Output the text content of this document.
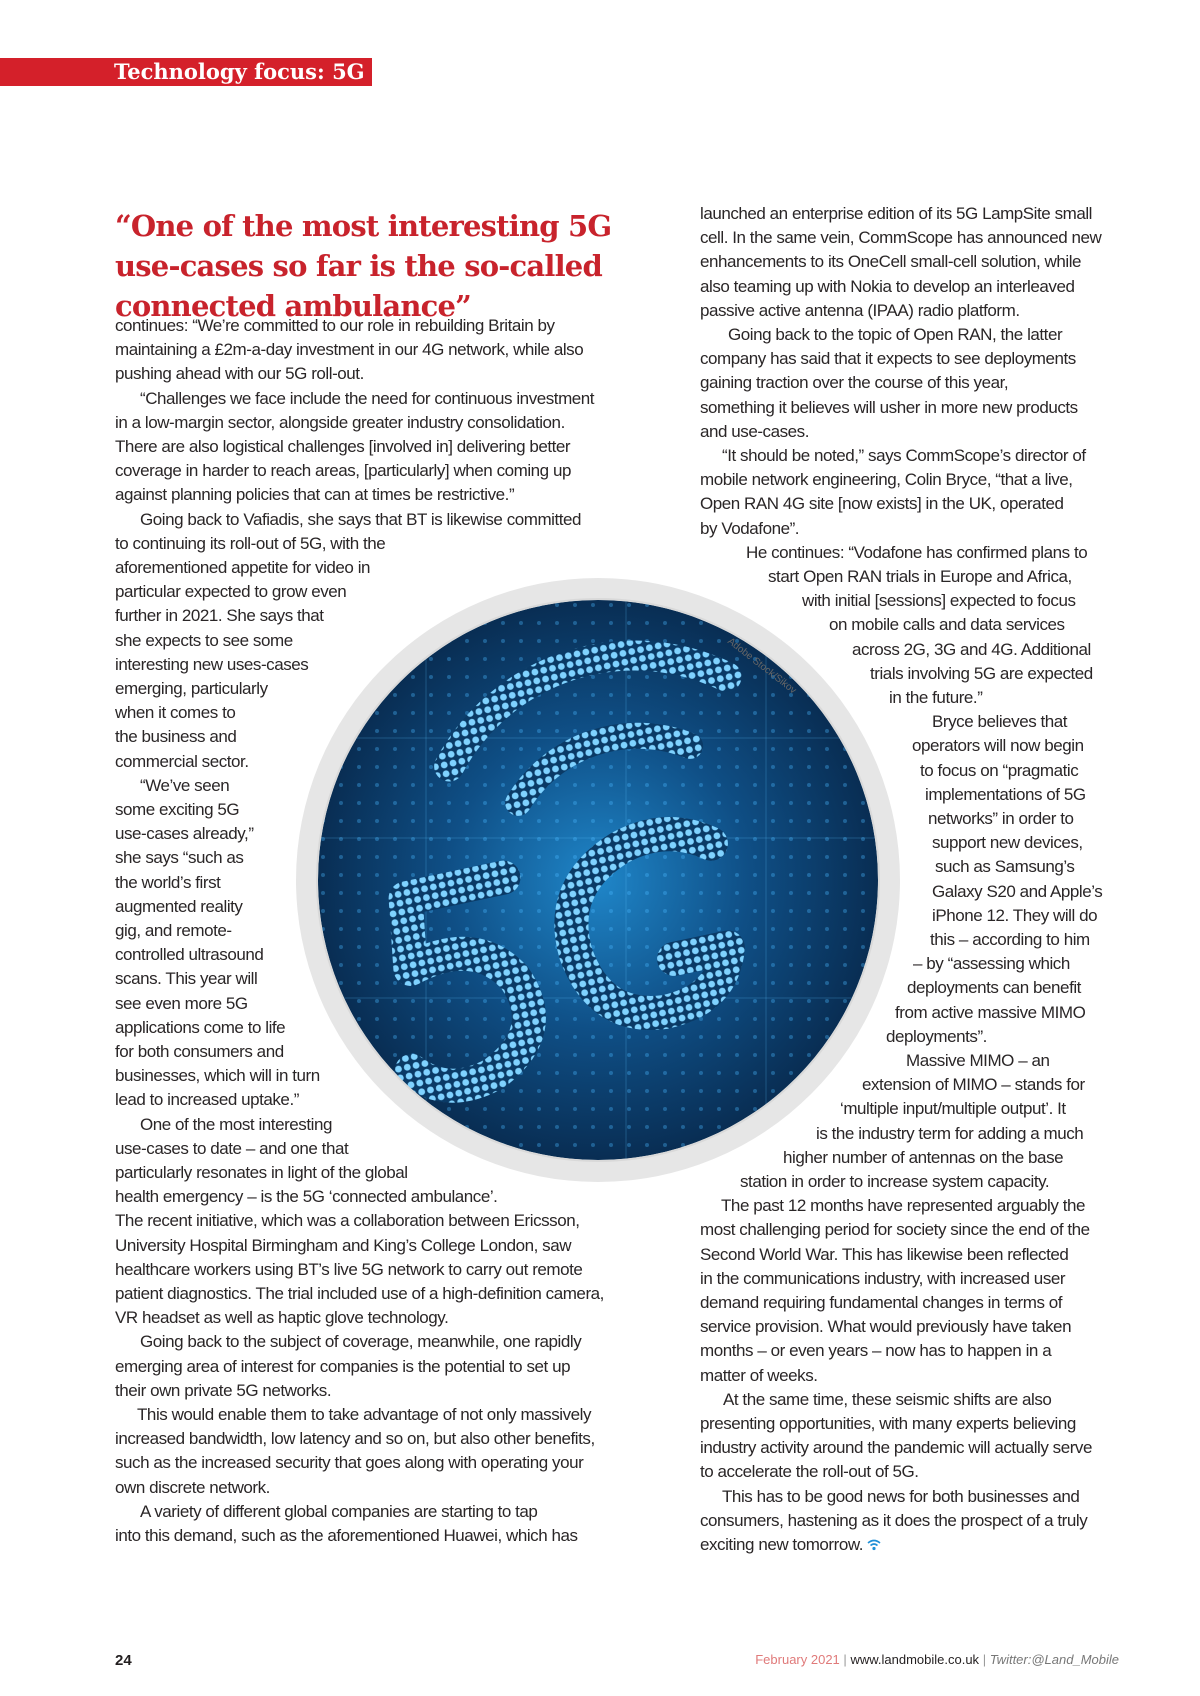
Technology focus: 5G
“One of the most interesting 5G use-cases so far is the so-called connected ambulance”
Adobe Stock/Sikov
continues: “We’re committed to our role in rebuilding Britain by
maintaining a £2m-a-day investment in our 4G network, while also
pushing ahead with our 5G roll-out.
“Challenges we face include the need for continuous investment
in a low-margin sector, alongside greater industry consolidation.
There are also logistical challenges [involved in] delivering better
coverage in harder to reach areas, [particularly] when coming up
against planning policies that can at times be restrictive.”
Going back to Vafiadis, she says that BT is likewise committed
to continuing its roll-out of 5G, with the
aforementioned appetite for video in
particular expected to grow even
further in 2021. She says that
she expects to see some
interesting new uses-cases
emerging, particularly
when it comes to
the business and
commercial sector.
“We’ve seen
some exciting 5G
use-cases already,”
she says “such as
the world’s first
augmented reality
gig, and remote-
controlled ultrasound
scans. This year will
see even more 5G
applications come to life
for both consumers and
businesses, which will in turn
lead to increased uptake.”
One of the most interesting
use-cases to date – and one that
particularly resonates in light of the global
health emergency – is the 5G ‘connected ambulance’.
The recent initiative, which was a collaboration between Ericsson,
University Hospital Birmingham and King’s College London, saw
healthcare workers using BT’s live 5G network to carry out remote
patient diagnostics. The trial included use of a high-definition camera,
VR headset as well as haptic glove technology.
Going back to the subject of coverage, meanwhile, one rapidly
emerging area of interest for companies is the potential to set up
their own private 5G networks.
This would enable them to take advantage of not only massively
increased bandwidth, low latency and so on, but also other benefits,
such as the increased security that goes along with operating your
own discrete network.
A variety of different global companies are starting to tap
into this demand, such as the aforementioned Huawei, which has
launched an enterprise edition of its 5G LampSite small
cell. In the same vein, CommScope has announced new
enhancements to its OneCell small-cell solution, while
also teaming up with Nokia to develop an interleaved
passive active antenna (IPAA) radio platform.
Going back to the topic of Open RAN, the latter
company has said that it expects to see deployments
gaining traction over the course of this year,
something it believes will usher in more new products
and use-cases.
“It should be noted,” says CommScope’s director of
mobile network engineering, Colin Bryce, “that a live,
Open RAN 4G site [now exists] in the UK, operated
by Vodafone”.
He continues: “Vodafone has confirmed plans to
start Open RAN trials in Europe and Africa,
with initial [sessions] expected to focus
on mobile calls and data services
across 2G, 3G and 4G. Additional
trials involving 5G are expected
in the future.”
Bryce believes that
operators will now begin
to focus on “pragmatic
implementations of 5G
networks” in order to
support new devices,
such as Samsung’s
Galaxy S20 and Apple’s
iPhone 12. They will do
this – according to him
– by “assessing which
deployments can benefit
from active massive MIMO
deployments”.
Massive MIMO – an
extension of MIMO – stands for
‘multiple input/multiple output’. It
is the industry term for adding a much
higher number of antennas on the base
station in order to increase system capacity.
The past 12 months have represented arguably the
most challenging period for society since the end of the
Second World War. This has likewise been reflected
in the communications industry, with increased user
demand requiring fundamental changes in terms of
service provision. What would previously have taken
months – or even years – now has to happen in a
matter of weeks.
At the same time, these seismic shifts are also
presenting opportunities, with many experts believing
industry activity around the pandemic will actually serve
to accelerate the roll-out of 5G.
This has to be good news for both businesses and
consumers, hastening as it does the prospect of a truly
exciting new tomorrow.
24	February 2021 | www.landmobile.co.uk | Twitter:@Land_Mobile
